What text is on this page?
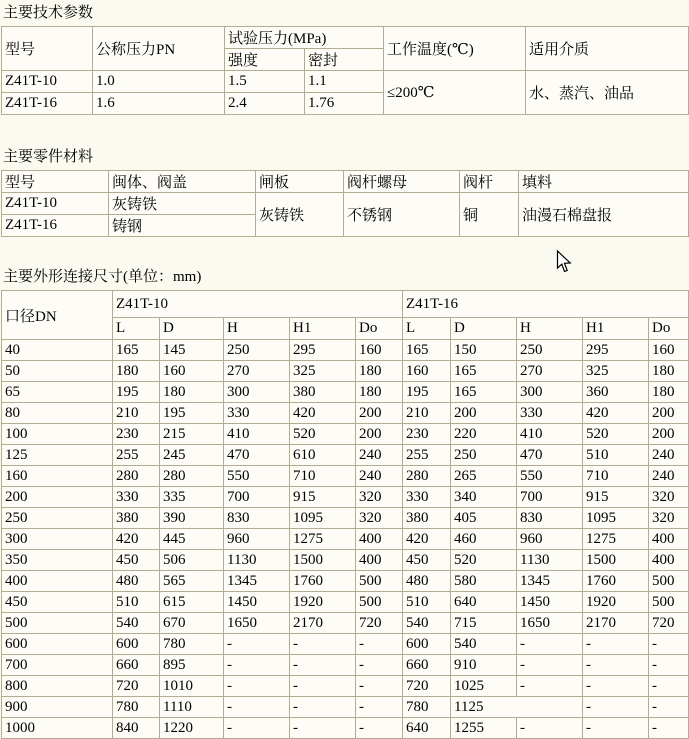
主要技术参数

型号	公称压力PN	试验压力(MPa)		工作温度(℃)	适用介质
		强度	密封		
Z41T-10	1.0	1.5	1.1	≤200℃	水、蒸汽、油品
Z41T-16	1.6	2.4	1.76		

主要零件材料

型号	闽体、阀盖	闸板	阀杆螺母	阀杆	填料
Z41T-10	灰铸铁	灰铸铁	不锈钢	铜	油漫石棉盘报
Z41T-16	铸钢				

主要外形连接尺寸(单位：mm)

口径DN	Z41T-10					Z41T-16				
	L	D	H	H1	Do	L	D	H	H1	Do
40	165	145	250	295	160	165	150	250	295	160
50	180	160	270	325	180	160	165	270	325	180
65	195	180	300	380	180	195	165	300	360	180
80	210	195	330	420	200	210	200	330	420	200
100	230	215	410	520	200	230	220	410	520	200
125	255	245	470	610	240	255	250	470	510	240
160	280	280	550	710	240	280	265	550	710	240
200	330	335	700	915	320	330	340	700	915	320
250	380	390	830	1095	320	380	405	830	1095	320
300	420	445	960	1275	400	420	460	960	1275	400
350	450	506	1130	1500	400	450	520	1130	1500	400
400	480	565	1345	1760	500	480	580	1345	1760	500
450	510	615	1450	1920	500	510	640	1450	1920	500
500	540	670	1650	2170	720	540	715	1650	2170	720
600	600	780	-	-	-	600	540	-	-	-
700	660	895	-	-	-	660	910	-	-	-
800	720	1010	-	-	-	720	1025	-	-	-
900	780	1110	-	-	-	780	1125		-	-
1000	840	1220	-	-	-	640	1255	-	-	-
